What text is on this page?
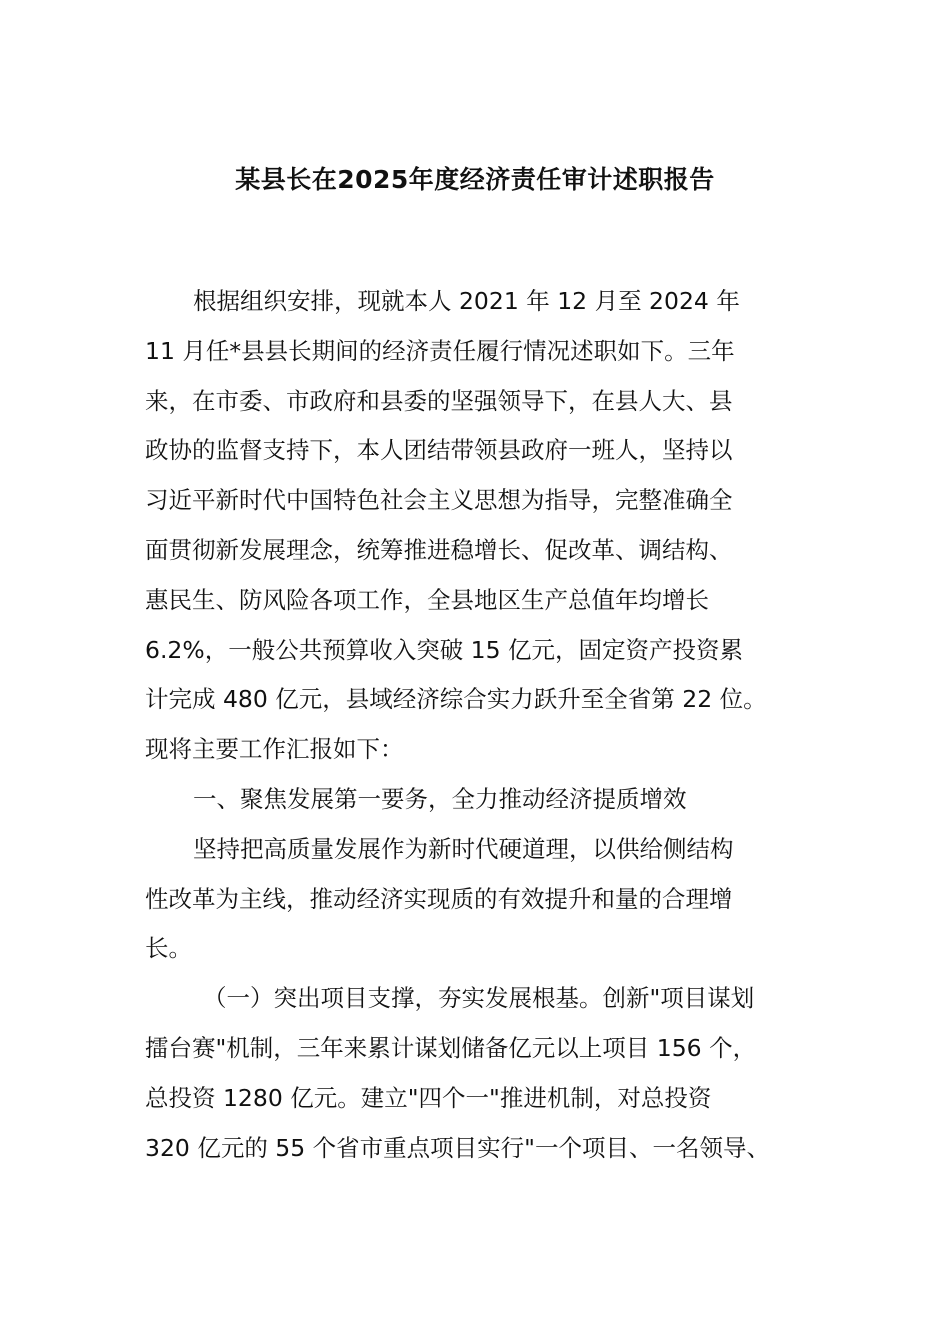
某县长在2025年度经济责任审计述职报告
根据组织安排，现就本人 2021 年 12 月至 2024 年
11 月任*县县长期间的经济责任履行情况述职如下。三年
来，在市委、市政府和县委的坚强领导下，在县人大、县
政协的监督支持下，本人团结带领县政府一班人，坚持以
习近平新时代中国特色社会主义思想为指导，完整准确全
面贯彻新发展理念，统筹推进稳增长、促改革、调结构、
惠民生、防风险各项工作，全县地区生产总值年均增长
6.2%，一般公共预算收入突破 15 亿元，固定资产投资累
计完成 480 亿元，县域经济综合实力跃升至全省第 22 位。
现将主要工作汇报如下：
一、聚焦发展第一要务，全力推动经济提质增效
坚持把高质量发展作为新时代硬道理，以供给侧结构
性改革为主线，推动经济实现质的有效提升和量的合理增
长。
（一）突出项目支撑，夯实发展根基。创新"项目谋划
擂台赛"机制，三年来累计谋划储备亿元以上项目 156 个，
总投资 1280 亿元。建立"四个一"推进机制，对总投资
320 亿元的 55 个省市重点项目实行"一个项目、一名领导、
